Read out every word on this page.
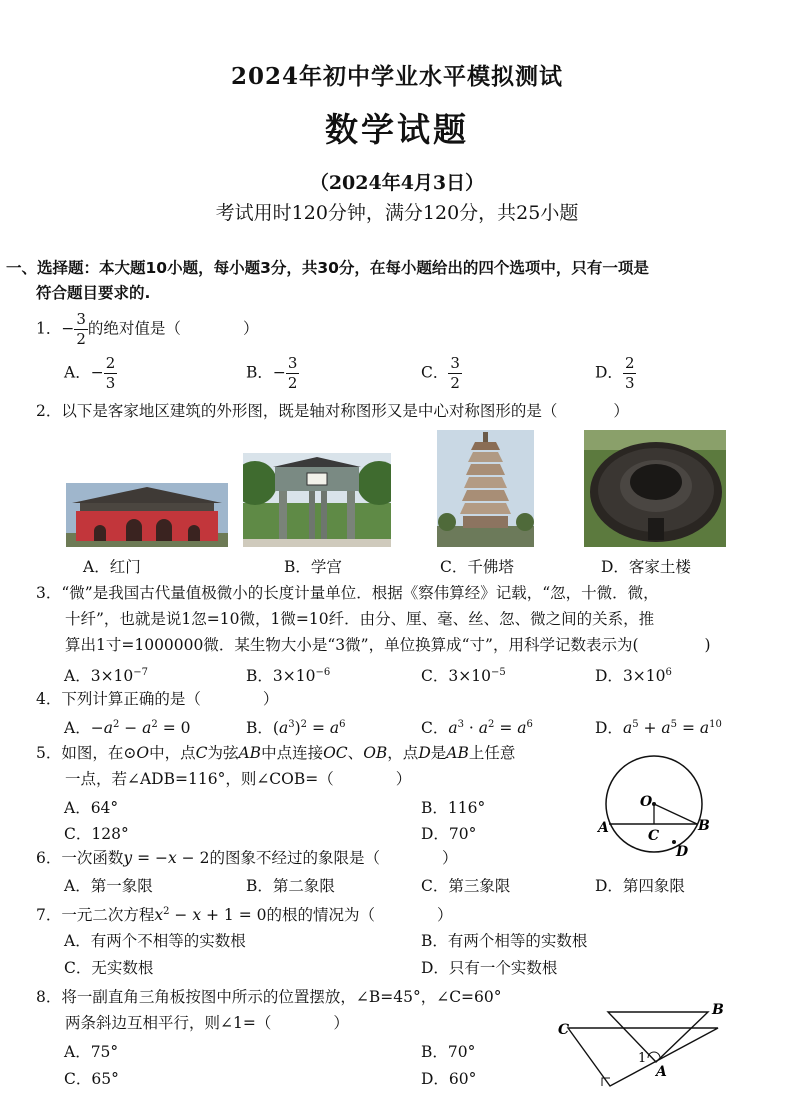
2024年初中学业水平模拟测试
数学试题
（2024年4月3日）
考试用时120分钟，满分120分，共25小题
一、选择题：本大题10小题，每小题3分，共30分，在每小题给出的四个选项中，只有一项是
符合题目要求的.
1．− $\frac{3}{2}$ 的绝对值是（	）
A．− $\frac{2}{3}$	B．− $\frac{3}{2}$	C． $\frac{3}{2}$	D． $\frac{2}{3}$
2．以下是客家地区建筑的外形图，既是轴对称图形又是中心对称图形的是（	）
A．红门	B．学宫	C．千佛塔	D．客家土楼
3．“微”是我国古代量值极微小的长度计量单位．根据《察伟算经》记载，“忽，十微．微，
十纤”，也就是说1忽=10微，1微=10纤．由分、厘、毫、丝、忽、微之间的关系，推
算出1寸=1000000微．某生物大小是“3微”，单位换算成“寸”，用科学记数表示为(	)
A．$3\times 10^{-7}$	B．$3\times 10^{-6}$	C．$3\times 10^{-5}$	D．$3\times 10^6$
4．下列计算正确的是（	）
A．$-a^2 - a^2 = 0$	B．$(a^3)^2 = a^6$	C．$a^3 \cdot a^2 = a^6$	D．$a^5 + a^5 = a^{10}$
5．如图，在⊙O中，点C为弦AB中点连接OC、OB，点D是AB上任意
一点，若∠ADB=116°，则∠COB=（	）
A．64°	B．116°
C．128°	D．70°
O
A	B
C
D
6．一次函数y = −x − 2的图象不经过的象限是（	）
A．第一象限	B．第二象限	C．第三象限	D．第四象限
7．一元二次方程$x^2 - x + 1 = 0$的根的情况为（	）
A．有两个不相等的实数根	B．有两个相等的实数根
C．无实数根	D．只有一个实数根
8．将一副直角三角板按图中所示的位置摆放，∠B=45°，∠C=60°
两条斜边互相平行，则∠1=（	）
A．75°	B．70°
C．65°	D．60°
B
C
A
1
